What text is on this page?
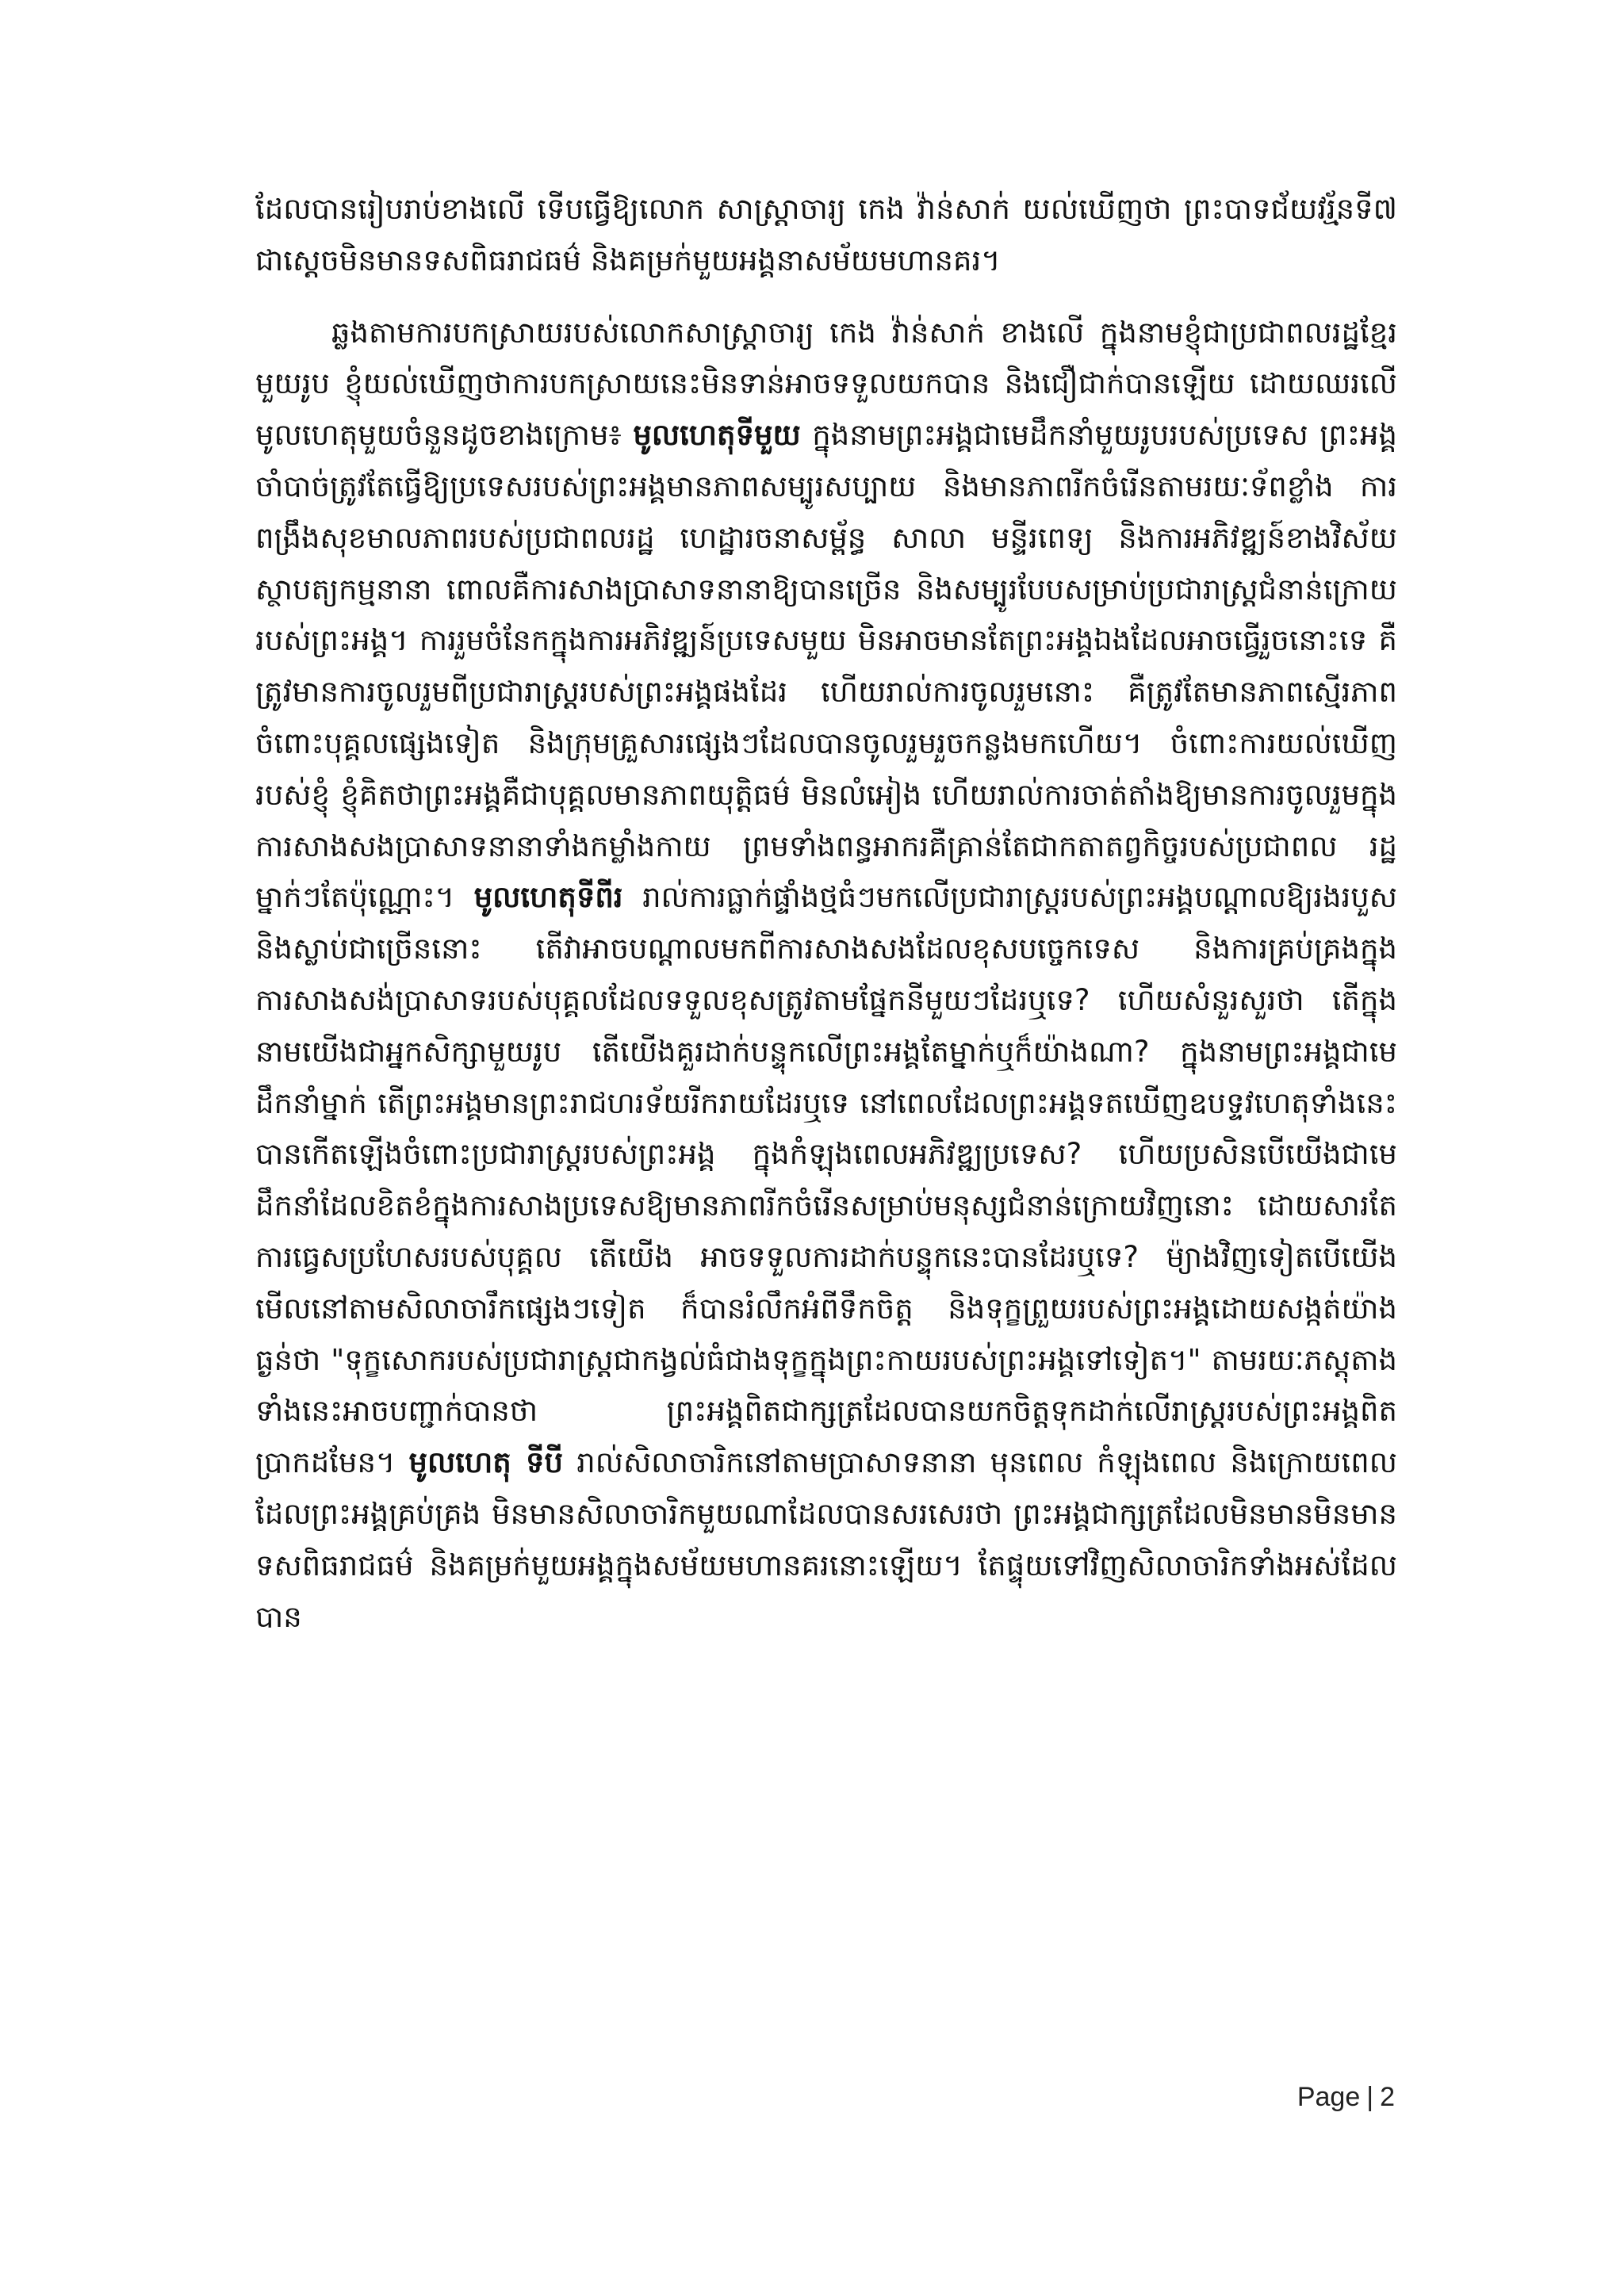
ដែលបានរៀបរាប់ខាងលើ ទើបធ្វើឱ្យលោក សាស្ត្រាចារ្យ កេង វ៉ាន់សាក់ យល់ឃើញថា ព្រះបាទជ័យវរ្ម័នទី៧ ជាស្ដេចមិនមានទសពិធរាជធម៌ និងគម្រក់មួយអង្គនាសម័យមហានគរ។

ឆ្លងតាមការបកស្រាយរបស់លោកសាស្ត្រាចារ្យ កេង វ៉ាន់សាក់ ខាងលើ ក្នុងនាមខ្ញុំជាប្រជាពលរដ្ឋខ្មែរមួយរូប ខ្ញុំយល់ឃើញថាការបកស្រាយនេះមិនទាន់អាចទទួលយកបាន និងជឿជាក់បានឡើយ ដោយឈរលើមូលហេតុមួយចំនួនដូចខាងក្រោម៖ មូលហេតុទីមួយ ក្នុងនាមព្រះអង្គជាមេដឹកនាំមួយរូបរបស់ប្រទេស ព្រះអង្គចាំបាច់ត្រូវតែធ្វើឱ្យប្រទេសរបស់ព្រះអង្គមានភាពសម្បូរសប្បាយ និងមានភាពរីកចំរើនតាមរយៈទ័ពខ្លាំង ការពង្រឹងសុខមាលភាពរបស់ប្រជាពលរដ្ឋ ហេដ្ឋារចនាសម្ព័ន្ធ សាលា មន្ទីរពេទ្យ និងការអភិវឌ្ឍន៍ខាងវិស័យស្ថាបត្យកម្មនានា ពោលគឺការសាងប្រាសាទនានាឱ្យបានច្រើន និងសម្បូរបែបសម្រាប់ប្រជារាស្ត្រជំនាន់ក្រោយរបស់ព្រះអង្គ។ ការរួមចំនែកក្នុងការអភិវឌ្ឍន៍ប្រទេសមួយ មិនអាចមានតែព្រះអង្គឯងដែលអាចធ្វើរួចនោះទេ គឺត្រូវមានការចូលរួមពីប្រជារាស្ត្ររបស់ព្រះអង្គផងដែរ ហើយរាល់ការចូលរួមនោះ គឺត្រូវតែមានភាពស្មើរភាពចំពោះបុគ្គលផ្សេងទៀត និងក្រុមគ្រួសារផ្សេងៗដែលបានចូលរួមរួចកន្លងមកហើយ។ ចំពោះការយល់ឃើញរបស់ខ្ញុំ ខ្ញុំគិតថាព្រះអង្គគឺជាបុគ្គលមានភាពយុត្តិធម៌ មិនលំអៀង ហើយរាល់ការចាត់តាំងឱ្យមានការចូលរួមក្នុងការសាងសងប្រាសាទនានាទាំងកម្លាំងកាយ ព្រមទាំងពន្ធអាករគឺគ្រាន់តែជាកតាតព្វកិច្ចរបស់ប្រជាពល រដ្ឋម្នាក់ៗតែប៉ុណ្ណោះ។ មូលហេតុទីពីរ រាល់ការធ្លាក់ផ្ទាំងថ្មធំៗមកលើប្រជារាស្ត្ររបស់ព្រះអង្គបណ្ដាលឱ្យរងរបួស និងស្លាប់ជាច្រើននោះ តើវាអាចបណ្ដាលមកពីការសាងសងដែលខុសបច្ចេកទេស និងការគ្រប់គ្រងក្នុងការសាងសង់ប្រាសាទរបស់បុគ្គលដែលទទួលខុសត្រូវតាមផ្នែកនីមួយៗដែរឬទេ? ហើយសំនួរសួរថា តើក្នុងនាមយើងជាអ្នកសិក្សាមួយរូប តើយើងគួរដាក់បន្ទុកលើព្រះអង្គតែម្នាក់ឬក៏យ៉ាងណា? ក្នុងនាមព្រះអង្គជាមេដឹកនាំម្នាក់ តើព្រះអង្គមានព្រះរាជហរទ័យរីករាយដែរឬទេ នៅពេលដែលព្រះអង្គទតឃើញឧបទ្ទវហេតុទាំងនេះបានកើតឡើងចំពោះប្រជារាស្ត្ររបស់ព្រះអង្គ ក្នុងកំឡុងពេលអភិវឌ្ឍប្រទេស? ហើយប្រសិនបើយើងជាមេដឹកនាំដែលខិតខំក្នុងការសាងប្រទេសឱ្យមានភាពរីកចំរើនសម្រាប់មនុស្សជំនាន់ក្រោយវិញនោះ ដោយសារតែការធ្វេសប្រហែសរបស់បុគ្គល តើយើង អាចទទួលការដាក់បន្ទុកនេះបានដែរឬទេ? ម៉្យាងវិញទៀតបើយើងមើលនៅតាមសិលាចារឹកផ្សេងៗទៀត ក៏បានរំលឹកអំពីទឹកចិត្ត និងទុក្ខព្រួយរបស់ព្រះអង្គដោយសង្កត់យ៉ាងធ្ងន់ថា "ទុក្ខសោករបស់ប្រជារាស្ត្រជាកង្វល់ធំជាងទុក្ខក្នុងព្រះកាយរបស់ព្រះអង្គទៅទៀត។" តាមរយៈភស្តុតាងទាំងនេះអាចបញ្ជាក់បានថា ព្រះអង្គពិតជាក្សត្រដែលបានយកចិត្តទុកដាក់លើរាស្ត្ររបស់ព្រះអង្គពិតប្រាកដមែន។ មូលហេតុ ទីបី រាល់សិលាចារិកនៅតាមប្រាសាទនានា មុនពេល កំឡុងពេល និងក្រោយពេលដែលព្រះអង្គគ្រប់គ្រង មិនមានសិលាចារិកមួយណាដែលបានសរសេរថា ព្រះអង្គជាក្សត្រដែលមិនមានមិនមានទសពិធរាជធម៌ និងគម្រក់មួយអង្គក្នុងសម័យមហានគរនោះឡើយ។ តែផ្ទុយទៅវិញសិលាចារិកទាំងអស់ដែលបាន

Page | 2
